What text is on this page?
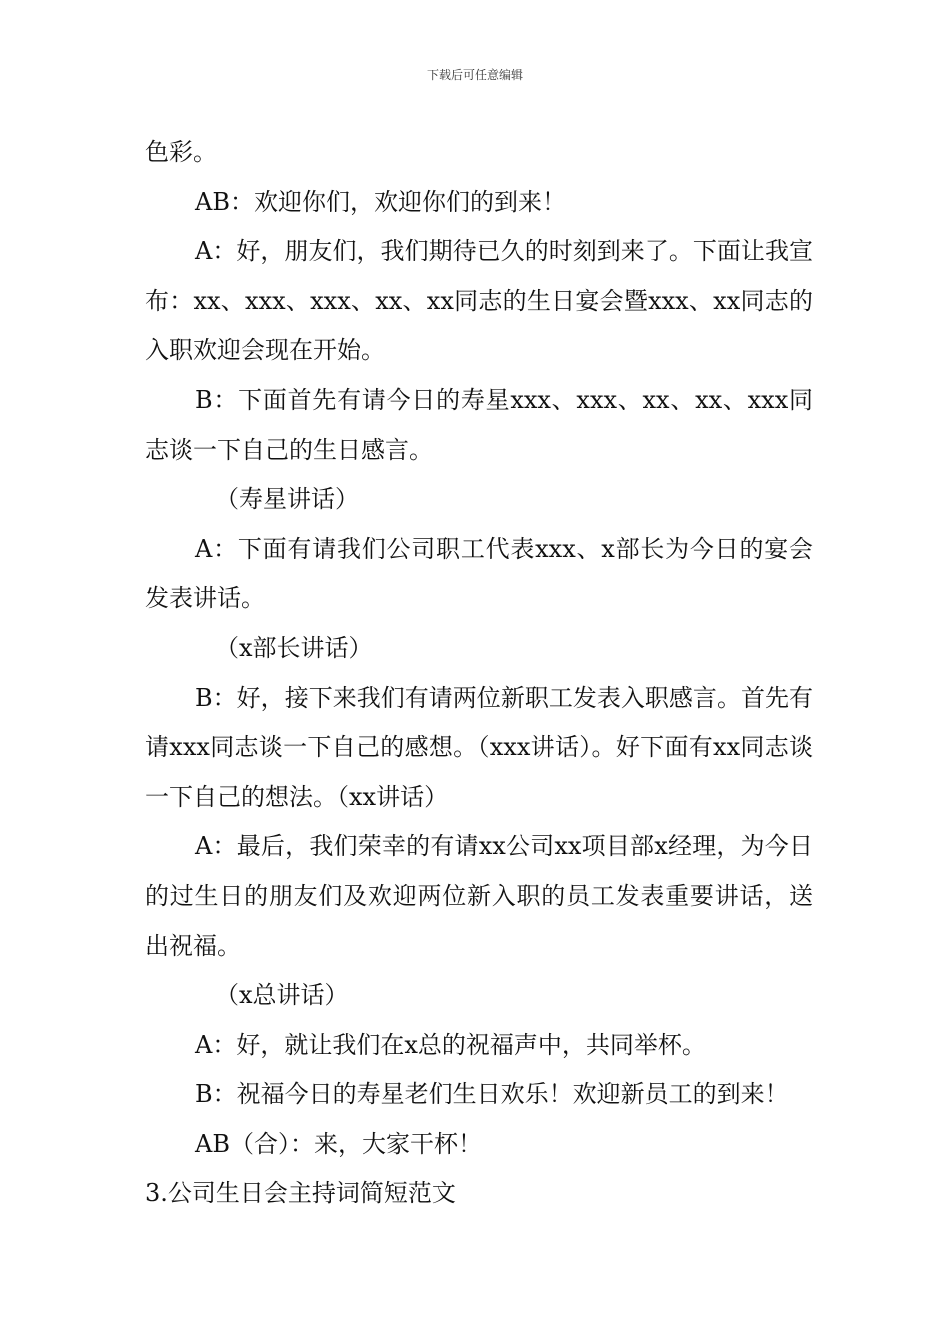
下载后可任意编辑

色彩。

AB：欢迎你们，欢迎你们的到来！

A：好，朋友们，我们期待已久的时刻到来了。下面让我宣布：xx、xxx、xxx、xx、xx同志的生日宴会暨xxx、xx同志的入职欢迎会现在开始。

B：下面首先有请今日的寿星xxx、xxx、xx、xx、xxx同志谈一下自己的生日感言。

（寿星讲话）

A：下面有请我们公司职工代表xxx、x部长为今日的宴会发表讲话。

（x部长讲话）

B：好，接下来我们有请两位新职工发表入职感言。首先有请xxx同志谈一下自己的感想。（xxx讲话）。好下面有xx同志谈一下自己的想法。（xx讲话）

A：最后，我们荣幸的有请xx公司xx项目部x经理，为今日的过生日的朋友们及欢迎两位新入职的员工发表重要讲话，送出祝福。

（x总讲话）

A：好，就让我们在x总的祝福声中，共同举杯。

B：祝福今日的寿星老们生日欢乐！欢迎新员工的到来！

AB（合）：来，大家干杯！

3.公司生日会主持词简短范文
